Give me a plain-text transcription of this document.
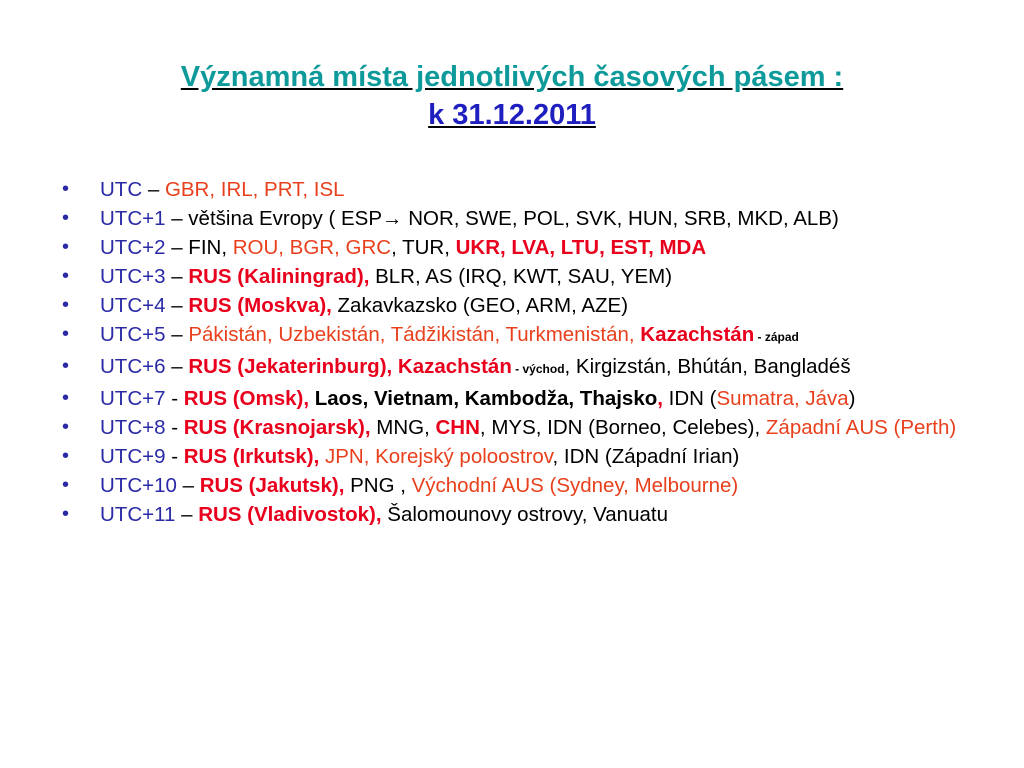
Významná místa jednotlivých časových pásem :
k 31.12.2011
• UTC – GBR, IRL, PRT, ISL
• UTC+1 – většina Evropy ( ESP→ NOR, SWE, POL, SVK, HUN, SRB, MKD, ALB)
• UTC+2 – FIN, ROU, BGR, GRC, TUR, UKR, LVA, LTU, EST, MDA
• UTC+3 – RUS (Kaliningrad), BLR, AS (IRQ, KWT, SAU, YEM)
• UTC+4 – RUS (Moskva), Zakavkazsko (GEO, ARM, AZE)
• UTC+5 – Pákistán, Uzbekistán, Tádžikistán, Turkmenistán, Kazachstán - západ
• UTC+6 – RUS (Jekaterinburg), Kazachstán - východ, Kirgizstán, Bhútán, Bangladéš
• UTC+7 - RUS (Omsk), Laos, Vietnam, Kambodža, Thajsko, IDN (Sumatra, Jáva)
• UTC+8 - RUS (Krasnojarsk), MNG, CHN, MYS, IDN (Borneo, Celebes), Západní AUS (Perth)
• UTC+9 - RUS (Irkutsk), JPN, Korejský poloostrov, IDN (Západní Irian)
• UTC+10 – RUS (Jakutsk), PNG , Východní AUS (Sydney, Melbourne)
• UTC+11 – RUS (Vladivostok), Šalomounovy ostrovy, Vanuatu
